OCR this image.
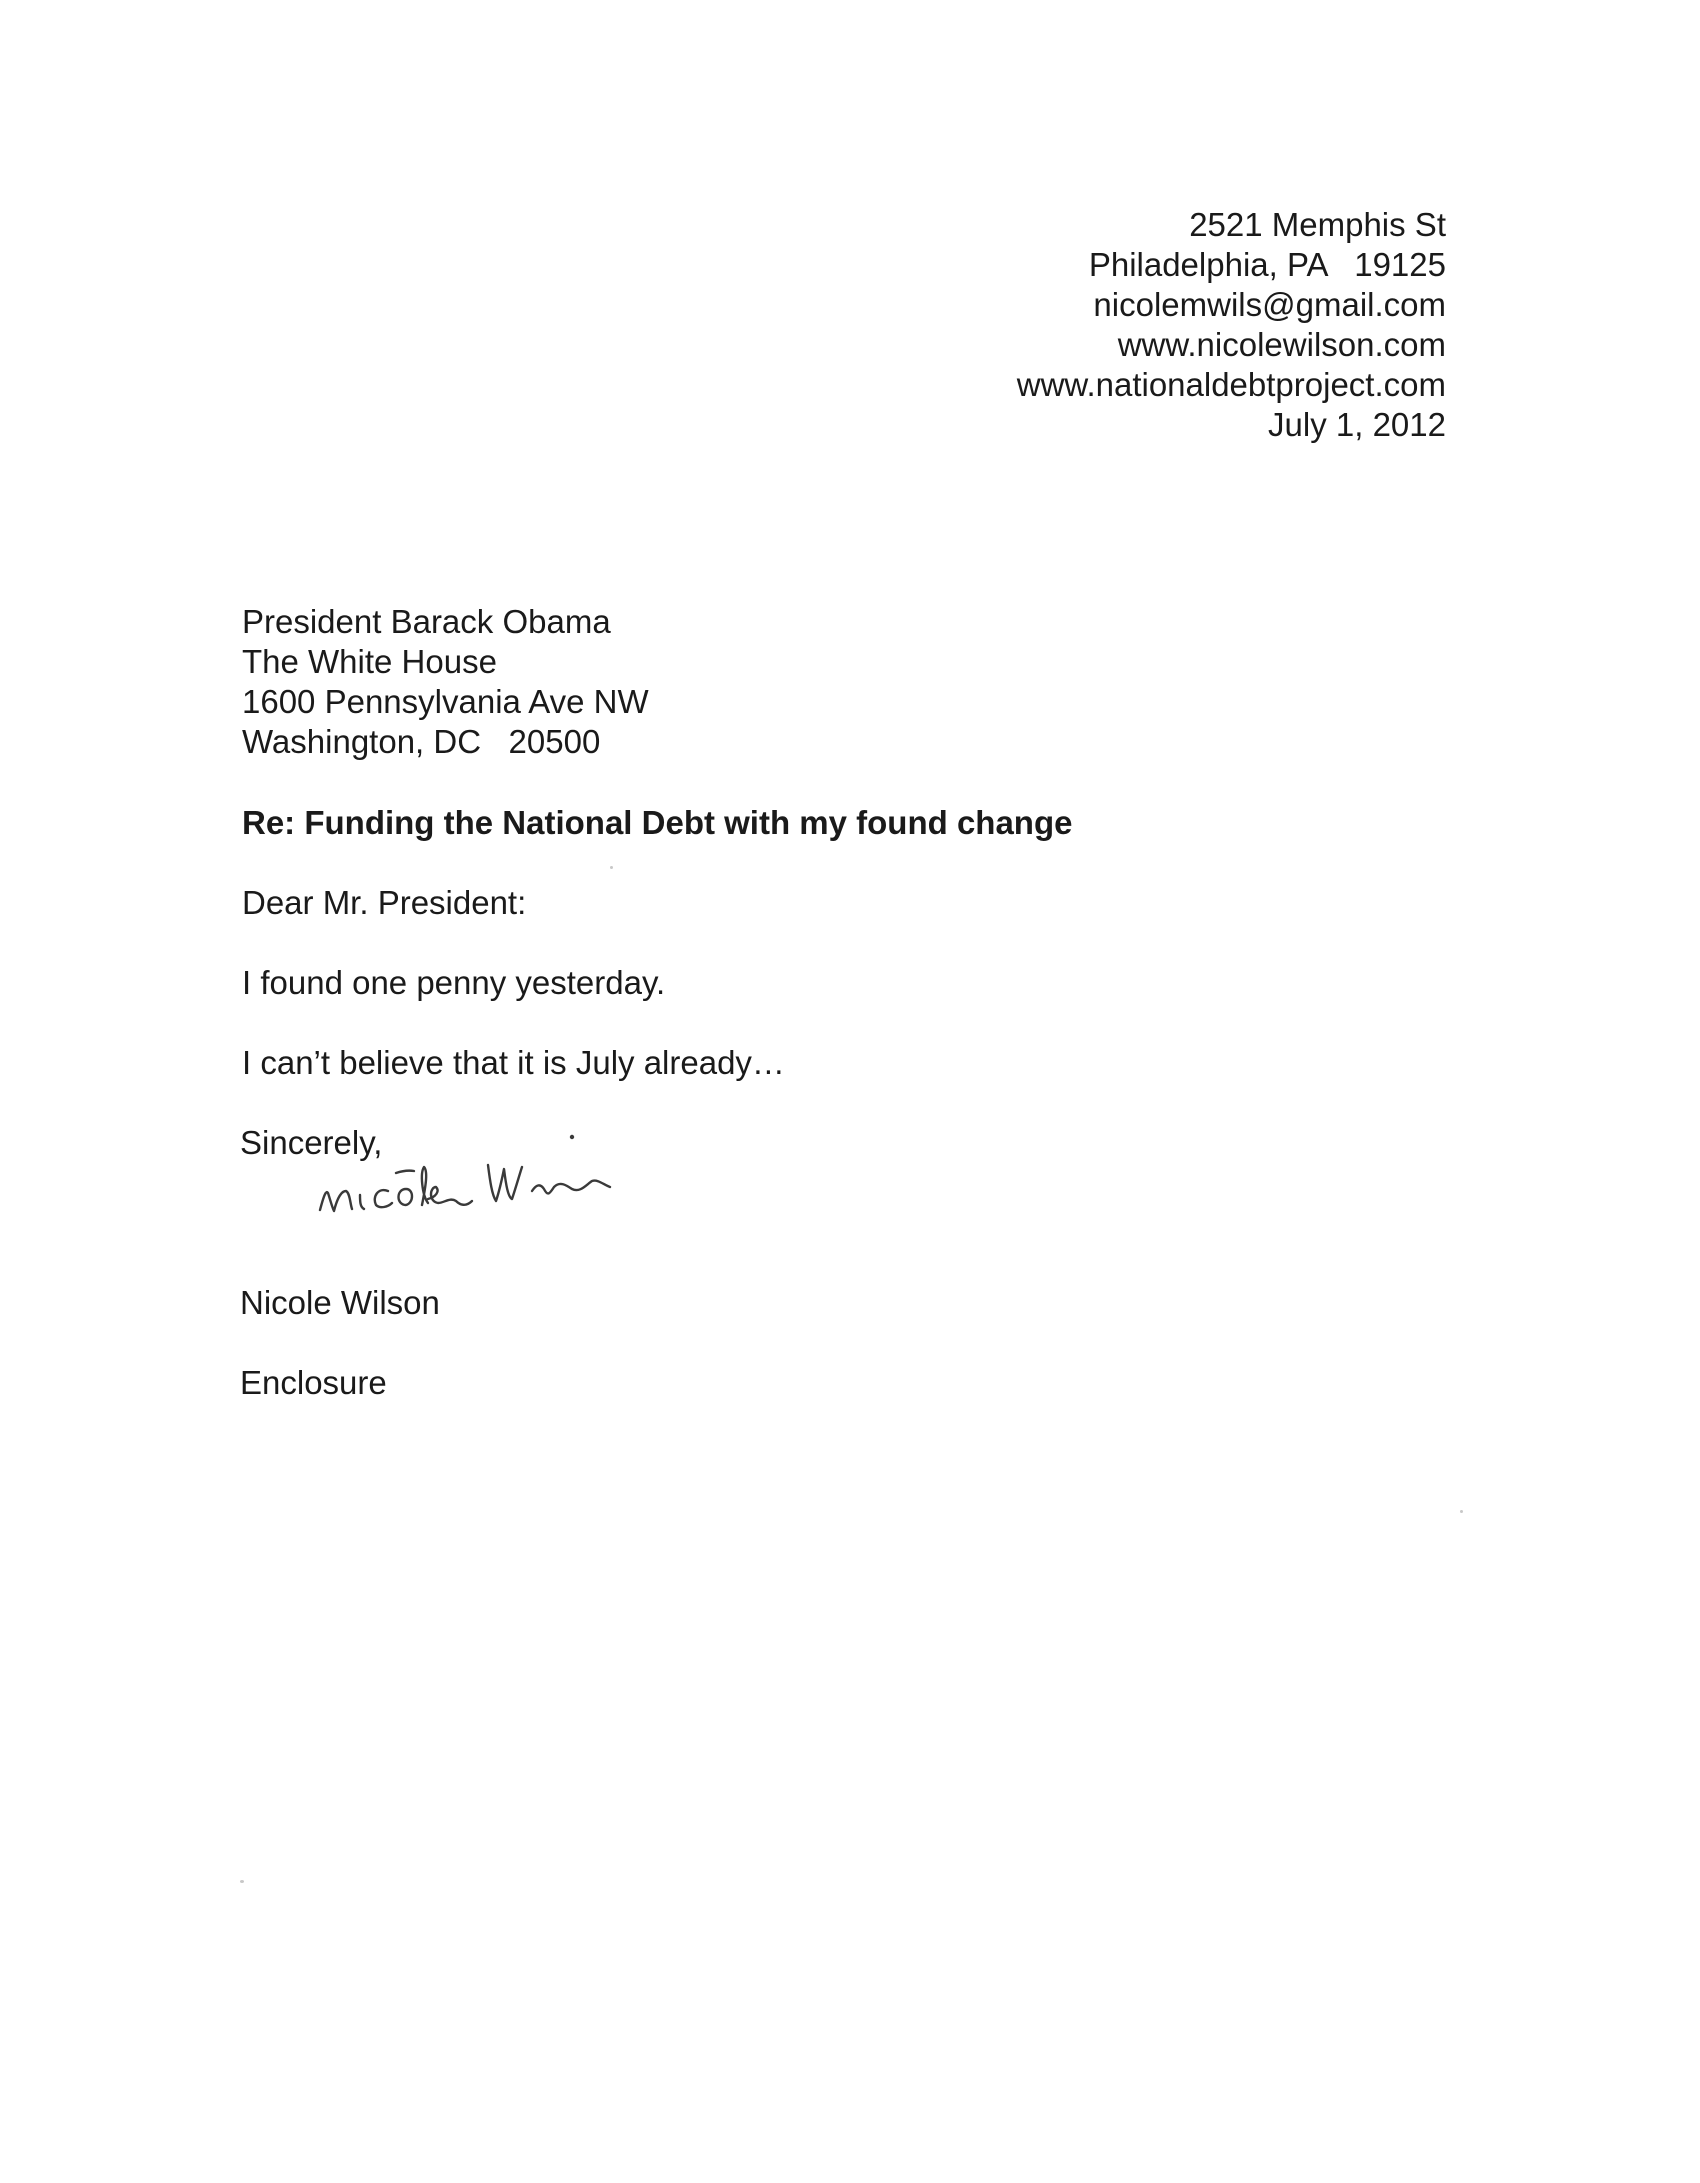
2521 Memphis St
Philadelphia, PA   19125
nicolemwils@gmail.com
www.nicolewilson.com
www.nationaldebtproject.com
July 1, 2012
President Barack Obama
The White House
1600 Pennsylvania Ave NW
Washington, DC   20500
Re: Funding the National Debt with my found change
Dear Mr. President:
I found one penny yesterday.
I can’t believe that it is July already…
Sincerely,
Nicole Wilson
Enclosure
